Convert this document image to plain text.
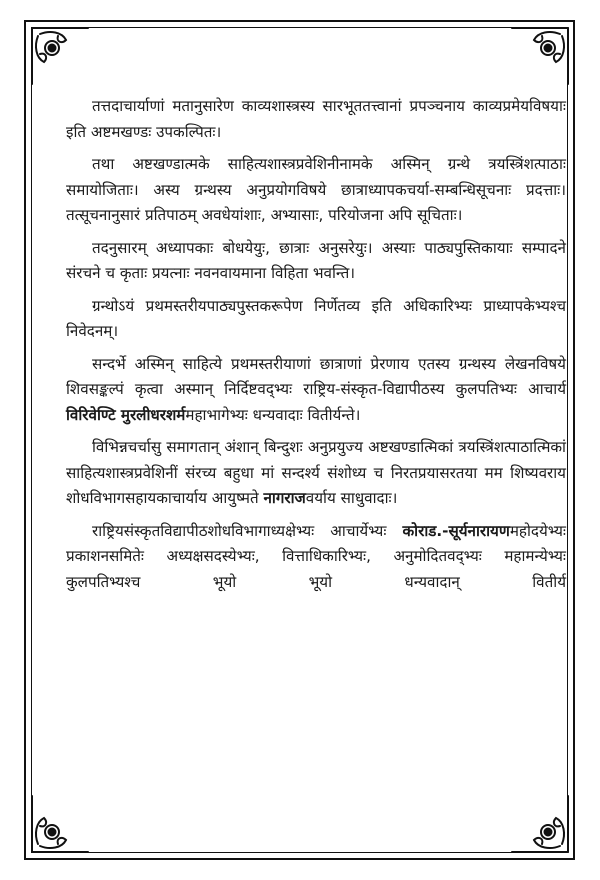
तत्तदाचार्याणां मतानुसारेण काव्यशास्त्रस्य सारभूततत्त्वानां प्रपञ्चनाय काव्यप्रमेयविषयाः इति अष्टमखण्डः उपकल्पितः।

तथा अष्टखण्डात्मके साहित्यशास्त्रप्रवेशिनीनामके अस्मिन् ग्रन्थे त्रयस्त्रिंशत्पाठाः समायोजिताः। अस्य ग्रन्थस्य अनुप्रयोगविषये छात्राध्यापकचर्या-सम्बन्धिसूचनाः प्रदत्ताः। तत्सूचनानुसारं प्रतिपाठम् अवधेयांशाः, अभ्यासाः, परियोजना अपि सूचिताः।

तदनुसारम् अध्यापकाः बोधयेयुः, छात्राः अनुसरेयुः। अस्याः पाठ्यपुस्तिकायाः सम्पादने संरचने च कृताः प्रयत्नाः नवनवायमाना विहिता भवन्ति।

ग्रन्थोऽयं प्रथमस्तरीयपाठ्यपुस्तकरूपेण निर्णेतव्य इति अधिकारिभ्यः प्राध्यापकेभ्यश्च निवेदनम्।

सन्दर्भे अस्मिन् साहित्ये प्रथमस्तरीयाणां छात्राणां प्रेरणाय एतस्य ग्रन्थस्य लेखनविषये शिवसङ्कल्पं कृत्वा अस्मान् निर्दिष्टवद्भ्यः राष्ट्रिय-संस्कृत-विद्यापीठस्य कुलपतिभ्यः आचार्य विरिवेण्टि मुरलीधरशर्ममहाभागेभ्यः धन्यवादाः वितीर्यन्ते।

विभिन्नचर्चासु समागतान् अंशान् बिन्दुशः अनुप्रयुज्य अष्टखण्डात्मिकां त्रयस्त्रिंशत्पाठात्मिकां साहित्यशास्त्रप्रवेशिनीं संरच्य बहुधा मां सन्दर्श्य संशोध्य च निरतप्रयासरतया मम शिष्यवराय शोधविभागसहायकाचार्याय आयुष्मते नागराजवर्याय साधुवादाः।

राष्ट्रियसंस्कृतविद्यापीठशोधविभागाध्यक्षेभ्यः आचार्येभ्यः कोराड.-सूर्यनारायणमहोदयेभ्यः प्रकाशनसमितेः अध्यक्षसदस्येभ्यः, वित्ताधिकारिभ्यः, अनुमोदितवद्भ्यः महामन्येभ्यः कुलपतिभ्यश्च भूयो भूयो धन्यवादान् वितीर्य
